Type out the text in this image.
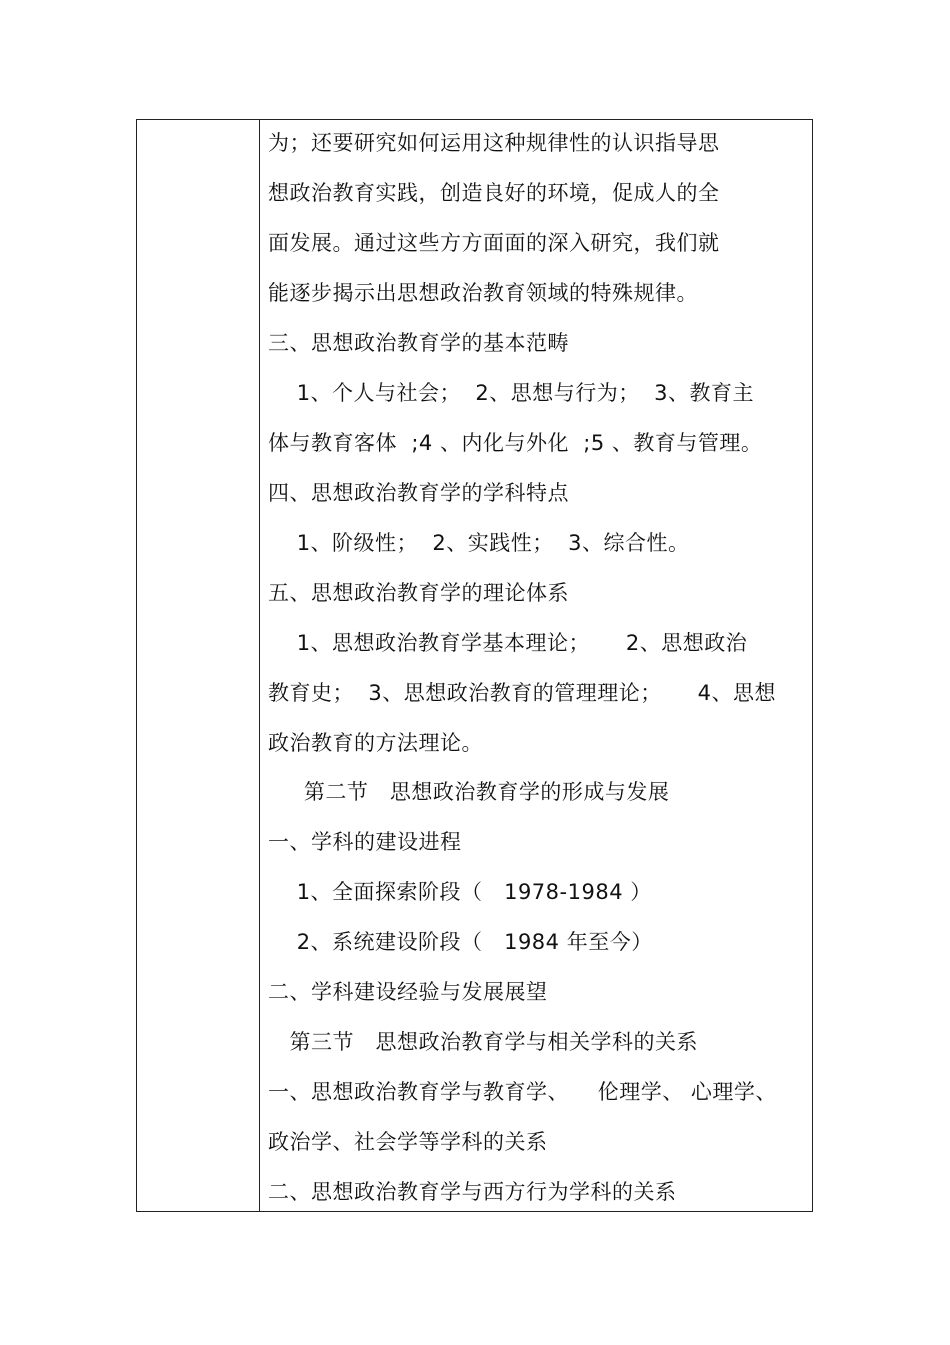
为；还要研究如何运用这种规律性的认识指导思
想政治教育实践，创造良好的环境，促成人的全
面发展。通过这些方方面面的深入研究，我们就
能逐步揭示出思想政治教育领域的特殊规律。
三、思想政治教育学的基本范畴
1、个人与社会；  2、思想与行为；  3、教育主
体与教育客体  ;4 、内化与外化  ;5 、教育与管理。
四、思想政治教育学的学科特点
1、阶级性；  2、实践性；  3、综合性。
五、思想政治教育学的理论体系
1、思想政治教育学基本理论；     2、思想政治
教育史；  3、思想政治教育的管理理论；     4、思想
政治教育的方法理论。
第二节   思想政治教育学的形成与发展
一、学科的建设进程
1、全面探索阶段（   1978-1984 ）
2、系统建设阶段（   1984 年至今）
二、学科建设经验与发展展望
第三节   思想政治教育学与相关学科的关系
一、思想政治教育学与教育学、    伦理学、 心理学、
政治学、社会学等学科的关系
二、思想政治教育学与西方行为学科的关系
